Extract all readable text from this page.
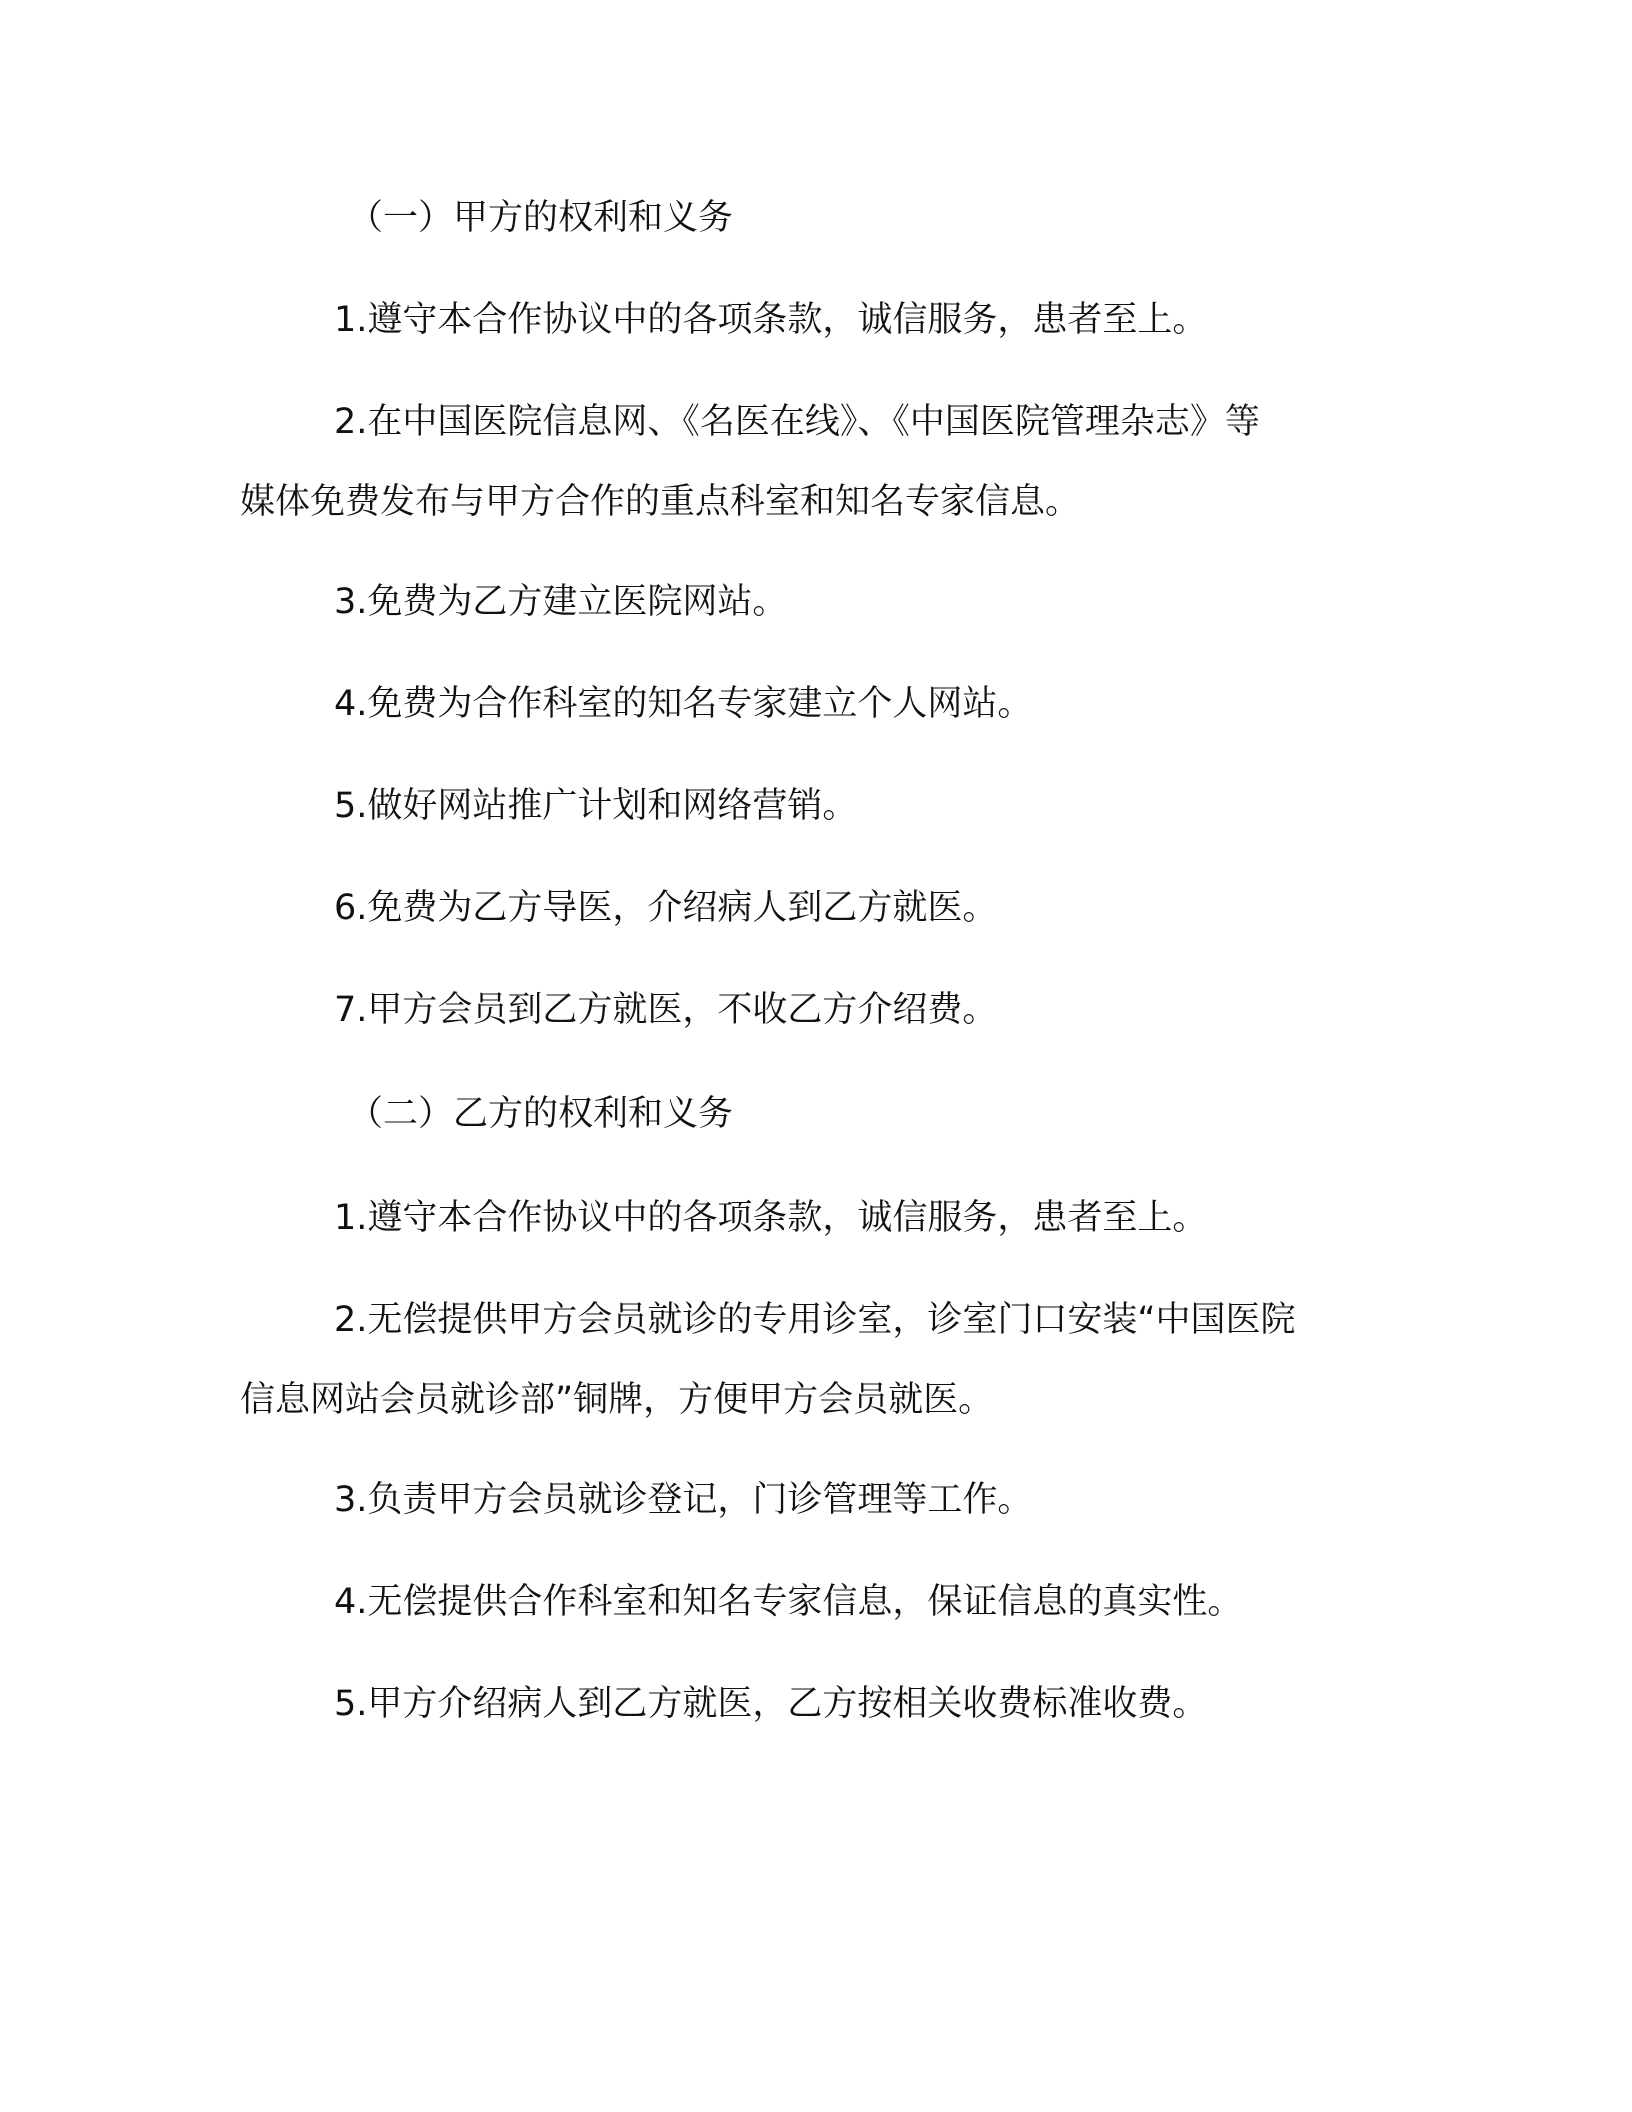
（一）甲方的权利和义务

1.遵守本合作协议中的各项条款，诚信服务，患者至上。

2.在中国医院信息网、《名医在线》、《中国医院管理杂志》等

媒体免费发布与甲方合作的重点科室和知名专家信息。

3.免费为乙方建立医院网站。

4.免费为合作科室的知名专家建立个人网站。

5.做好网站推广计划和网络营销。

6.免费为乙方导医，介绍病人到乙方就医。

7.甲方会员到乙方就医，不收乙方介绍费。

（二）乙方的权利和义务

1.遵守本合作协议中的各项条款，诚信服务，患者至上。

2.无偿提供甲方会员就诊的专用诊室，诊室门口安装“中国医院

信息网站会员就诊部”铜牌，方便甲方会员就医。

3.负责甲方会员就诊登记，门诊管理等工作。

4.无偿提供合作科室和知名专家信息，保证信息的真实性。

5.甲方介绍病人到乙方就医，乙方按相关收费标准收费。
